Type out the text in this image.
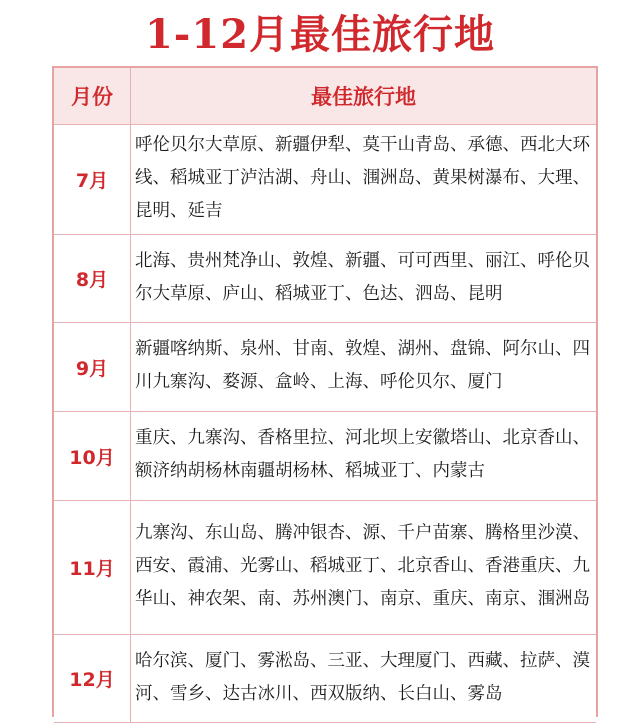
1-12月最佳旅行地
月份	最佳旅行地
7月	呼伦贝尔大草原、新疆伊犁、莫干山青岛、承德、西北大环线、稻城亚丁泸沽湖、舟山、涠洲岛、黄果树瀑布、大理、昆明、延吉
8月	北海、贵州梵净山、敦煌、新疆、可可西里、丽江、呼伦贝尔大草原、庐山、稻城亚丁、色达、泗岛、昆明
9月	新疆喀纳斯、泉州、甘南、敦煌、湖州、盘锦、阿尔山、四川九寨沟、婺源、盒岭、上海、呼伦贝尔、厦门
10月	重庆、九寨沟、香格里拉、河北坝上安徽塔山、北京香山、额济纳胡杨林南疆胡杨林、稻城亚丁、内蒙古
11月	九寨沟、东山岛、腾冲银杏、源、千户苗寨、腾格里沙漠、西安、霞浦、光雾山、稻城亚丁、北京香山、香港重庆、九华山、神农架、南、苏州澳门、南京、重庆、南京、涠洲岛
12月	哈尔滨、厦门、雾淞岛、三亚、大理厦门、西藏、拉萨、漠河、雪乡、达古冰川、西双版纳、长白山、雾岛
